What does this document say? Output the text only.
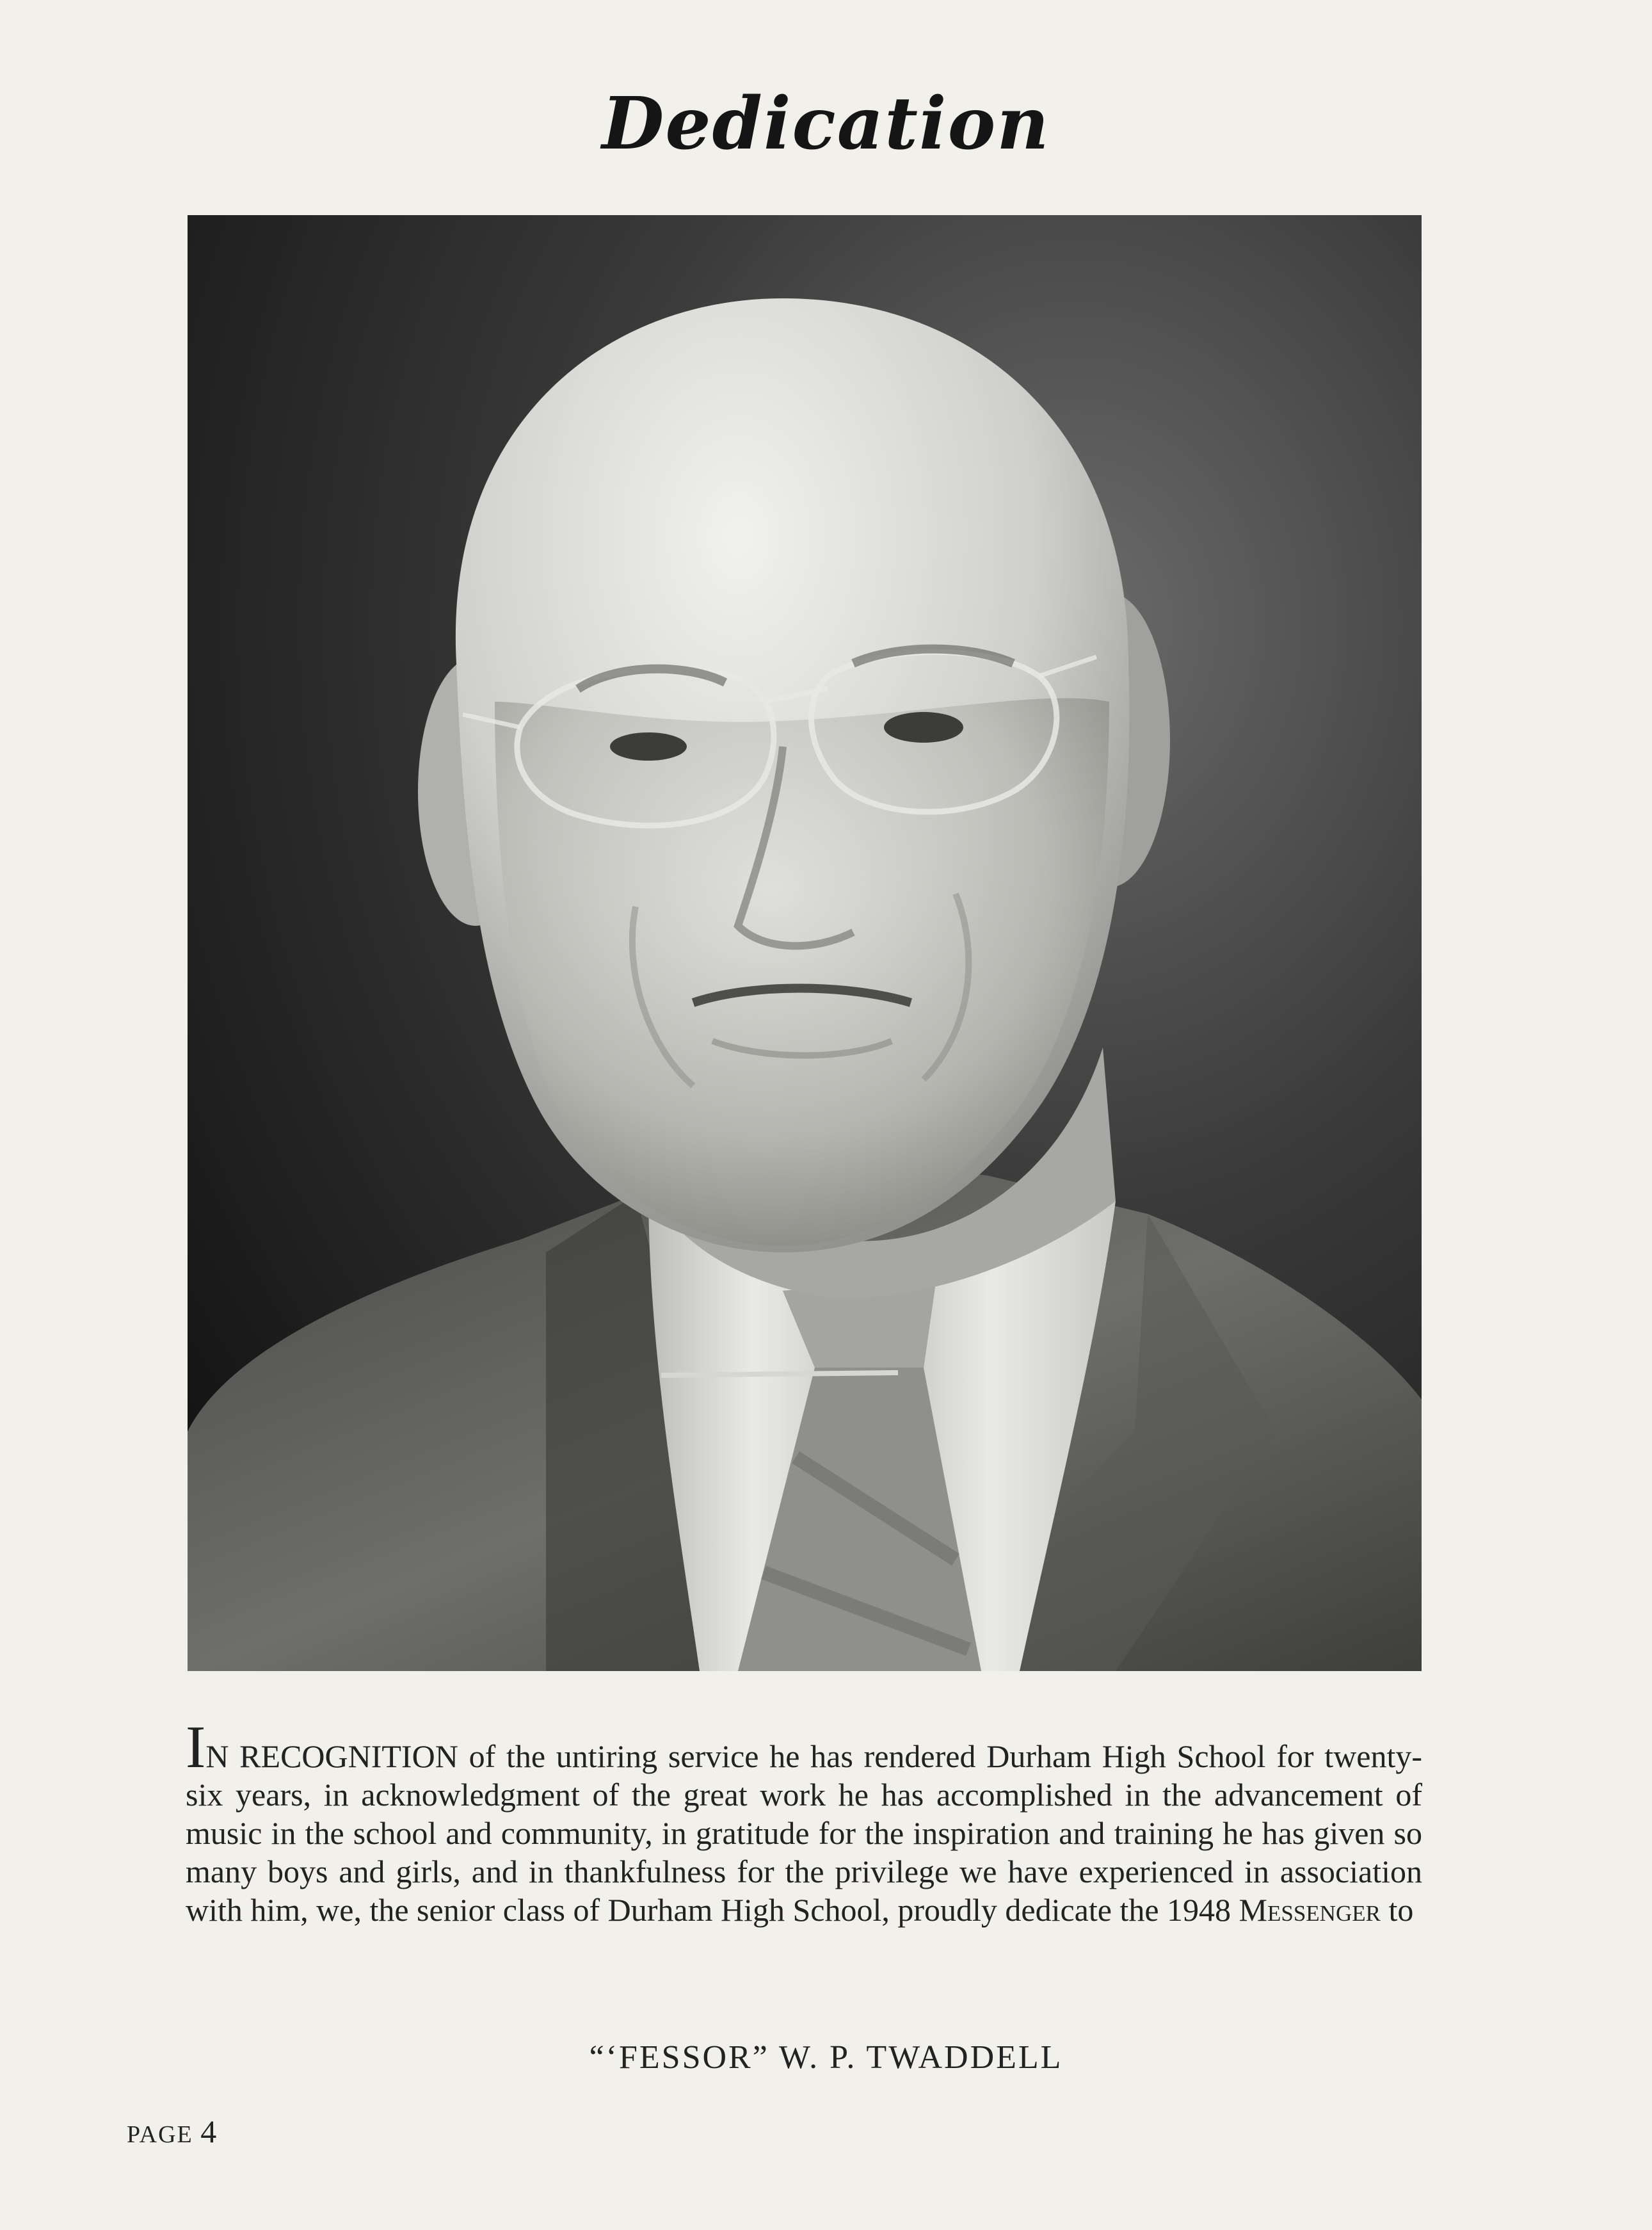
Dedication
IN RECOGNITION of the untiring service he has rendered Durham High School for twenty-six years, in acknowledgment of the great work he has accomplished in the advancement of music in the school and community, in gratitude for the inspiration and training he has given so many boys and girls, and in thankfulness for the privilege we have experienced in association with him, we, the senior class of Durham High School, proudly dedicate the 1948 Messenger to
“‘FESSOR” W. P. TWADDELL
PAGE 4
